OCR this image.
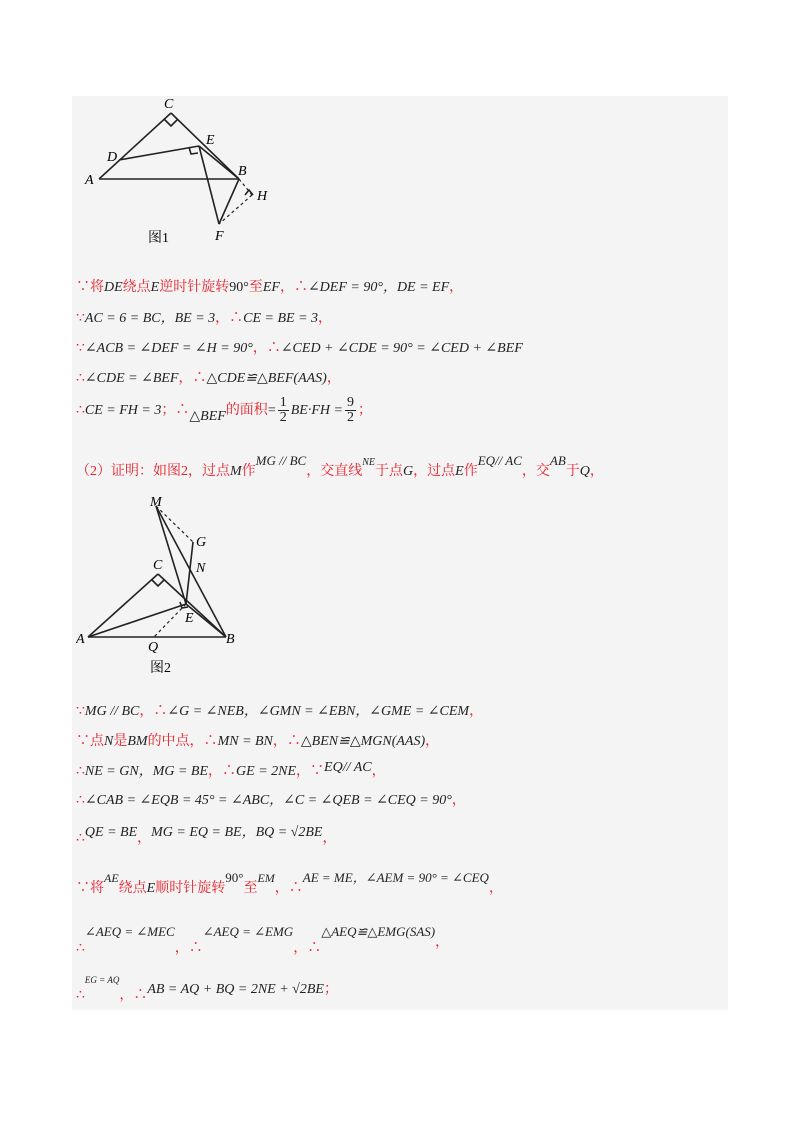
C
E
D
A
B
H
F
图1
∵将DE绕点E逆时针旋转90°至EF，∴∠DEF = 90°，DE = EF，
∵AC = 6 = BC，BE = 3，∴CE = BE = 3，
∵∠ACB = ∠DEF = ∠H = 90°，∴∠CED + ∠CDE = 90° = ∠CED + ∠BEF
∴∠CDE = ∠BEF，∴△CDE≌△BEF(AAS)，
∴CE = FH = 3；∴△BEF的面积= $\frac{1}{2} BE\cdot FH = \frac{9}{2}$ ；
（2）证明：如图2，过点M作MG // BC，交直线$^{NE}$于点G，过点E作EQ// AC，交AB于Q，
M
G
N
C
E
A
Q
B
图2
∵MG // BC，∴∠G = ∠NEB，∠GMN = ∠EBN，∠GME = ∠CEM，
∵点N是BM的中点，∴MN = BN，∴△BEN≌△MGN(AAS)，
∴NE = GN，MG = BE，∴GE = 2NE，∵EQ// AC，
∴∠CAB = ∠EQB = 45° = ∠ABC，∠C = ∠QEB = ∠CEQ = 90°，
∴QE = BE，MG = EQ = BE，BQ = √2BE，
∵将AE绕点E顺时针旋转90°至EM，∴AE = ME，∠AEM = 90° = ∠CEQ，
∴∠AEQ = ∠MEC，∴∠AEQ = ∠EMG，∴△AEQ≌△EMG(SAS)，
∴$^{EG = AQ}$，∴AB = AQ + BQ = 2NE + √2BE；
